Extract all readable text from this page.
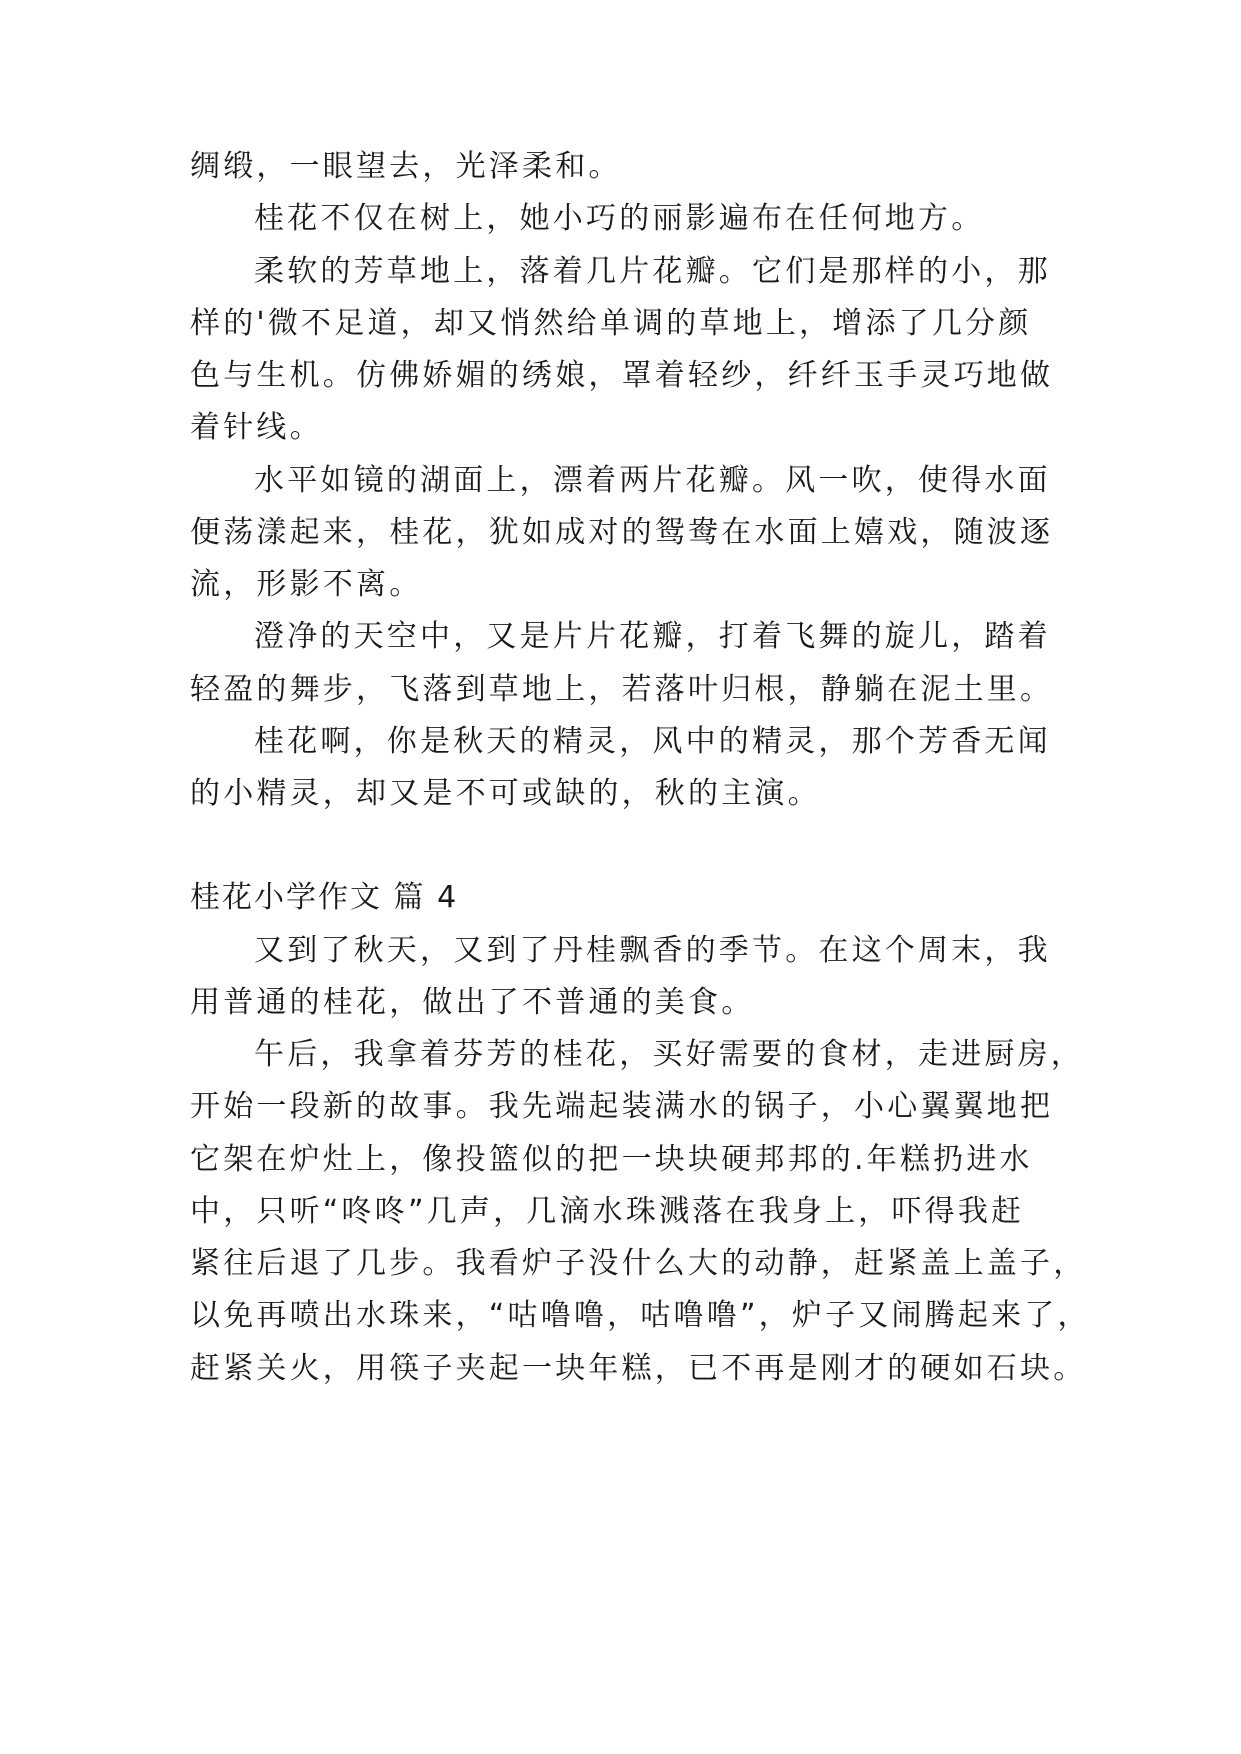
绸缎，一眼望去，光泽柔和。
桂花不仅在树上，她小巧的丽影遍布在任何地方。
柔软的芳草地上，落着几片花瓣。它们是那样的小，那
样的'微不足道，却又悄然给单调的草地上，增添了几分颜
色与生机。仿佛娇媚的绣娘，罩着轻纱，纤纤玉手灵巧地做
着针线。
水平如镜的湖面上，漂着两片花瓣。风一吹，使得水面
便荡漾起来，桂花，犹如成对的鸳鸯在水面上嬉戏，随波逐
流，形影不离。
澄净的天空中，又是片片花瓣，打着飞舞的旋儿，踏着
轻盈的舞步，飞落到草地上，若落叶归根，静躺在泥土里。
桂花啊，你是秋天的精灵，风中的精灵，那个芳香无闻
的小精灵，却又是不可或缺的，秋的主演。
桂花小学作文 篇 4
又到了秋天，又到了丹桂飘香的季节。在这个周末，我
用普通的桂花，做出了不普通的美食。
午后，我拿着芬芳的桂花，买好需要的食材，走进厨房，
开始一段新的故事。我先端起装满水的锅子，小心翼翼地把
它架在炉灶上，像投篮似的把一块块硬邦邦的.年糕扔进水
中，只听“咚咚”几声，几滴水珠溅落在我身上，吓得我赶
紧往后退了几步。我看炉子没什么大的动静，赶紧盖上盖子，
以免再喷出水珠来，“咕噜噜，咕噜噜”，炉子又闹腾起来了，
赶紧关火，用筷子夹起一块年糕，已不再是刚才的硬如石块。
